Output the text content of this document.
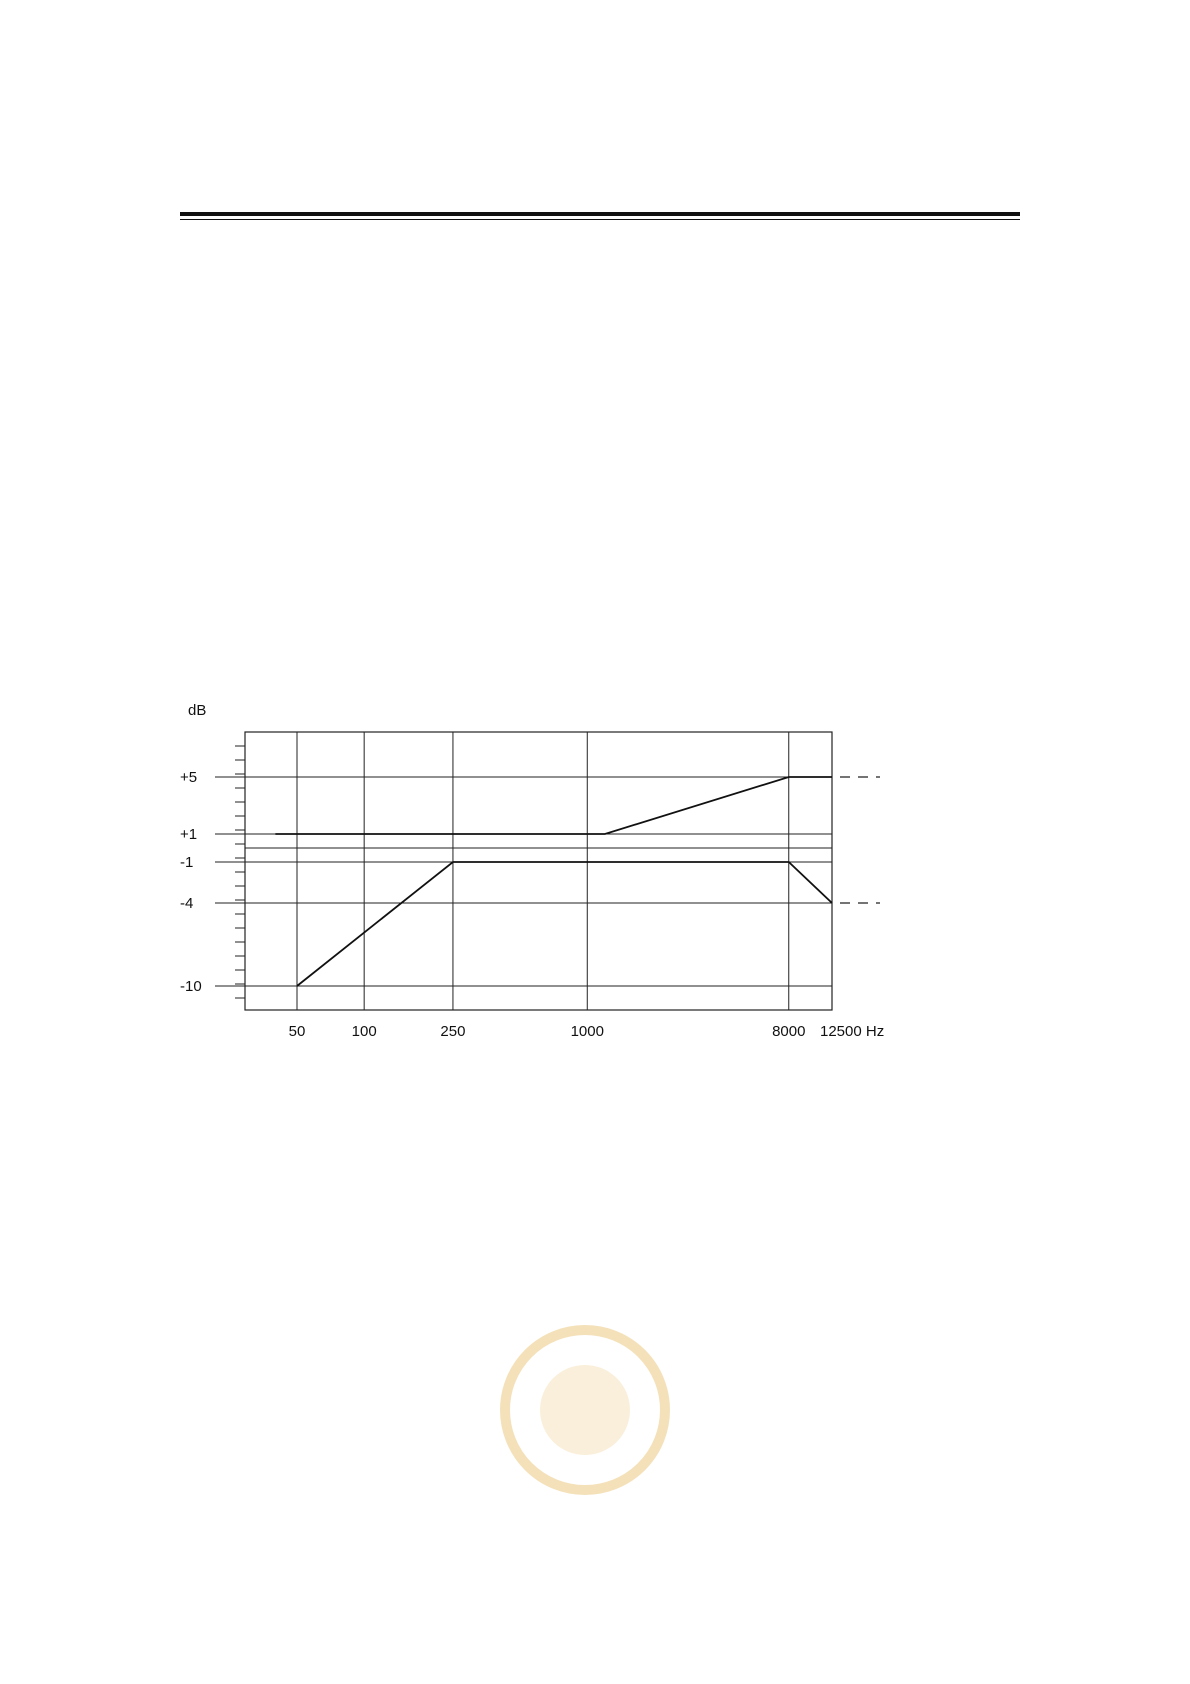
+5
+1
-1
-4
-10
dB
50	100	250	1000	8000 12500 Hz
